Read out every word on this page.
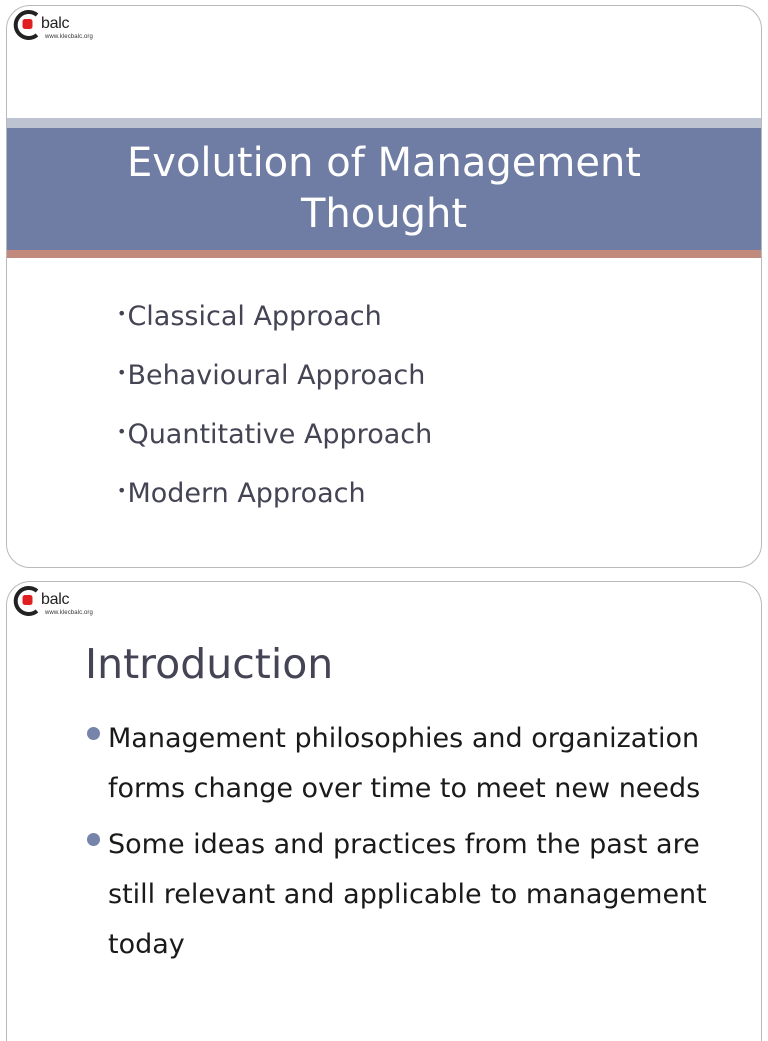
balc
www.klecbalc.org
Evolution of Management Thought
•Classical Approach
•Behavioural Approach
•Quantitative Approach
•Modern Approach
balc
www.klecbalc.org
Introduction
Management philosophies and organization forms change over time to meet new needs
Some ideas and practices from the past are still relevant and applicable to management today
